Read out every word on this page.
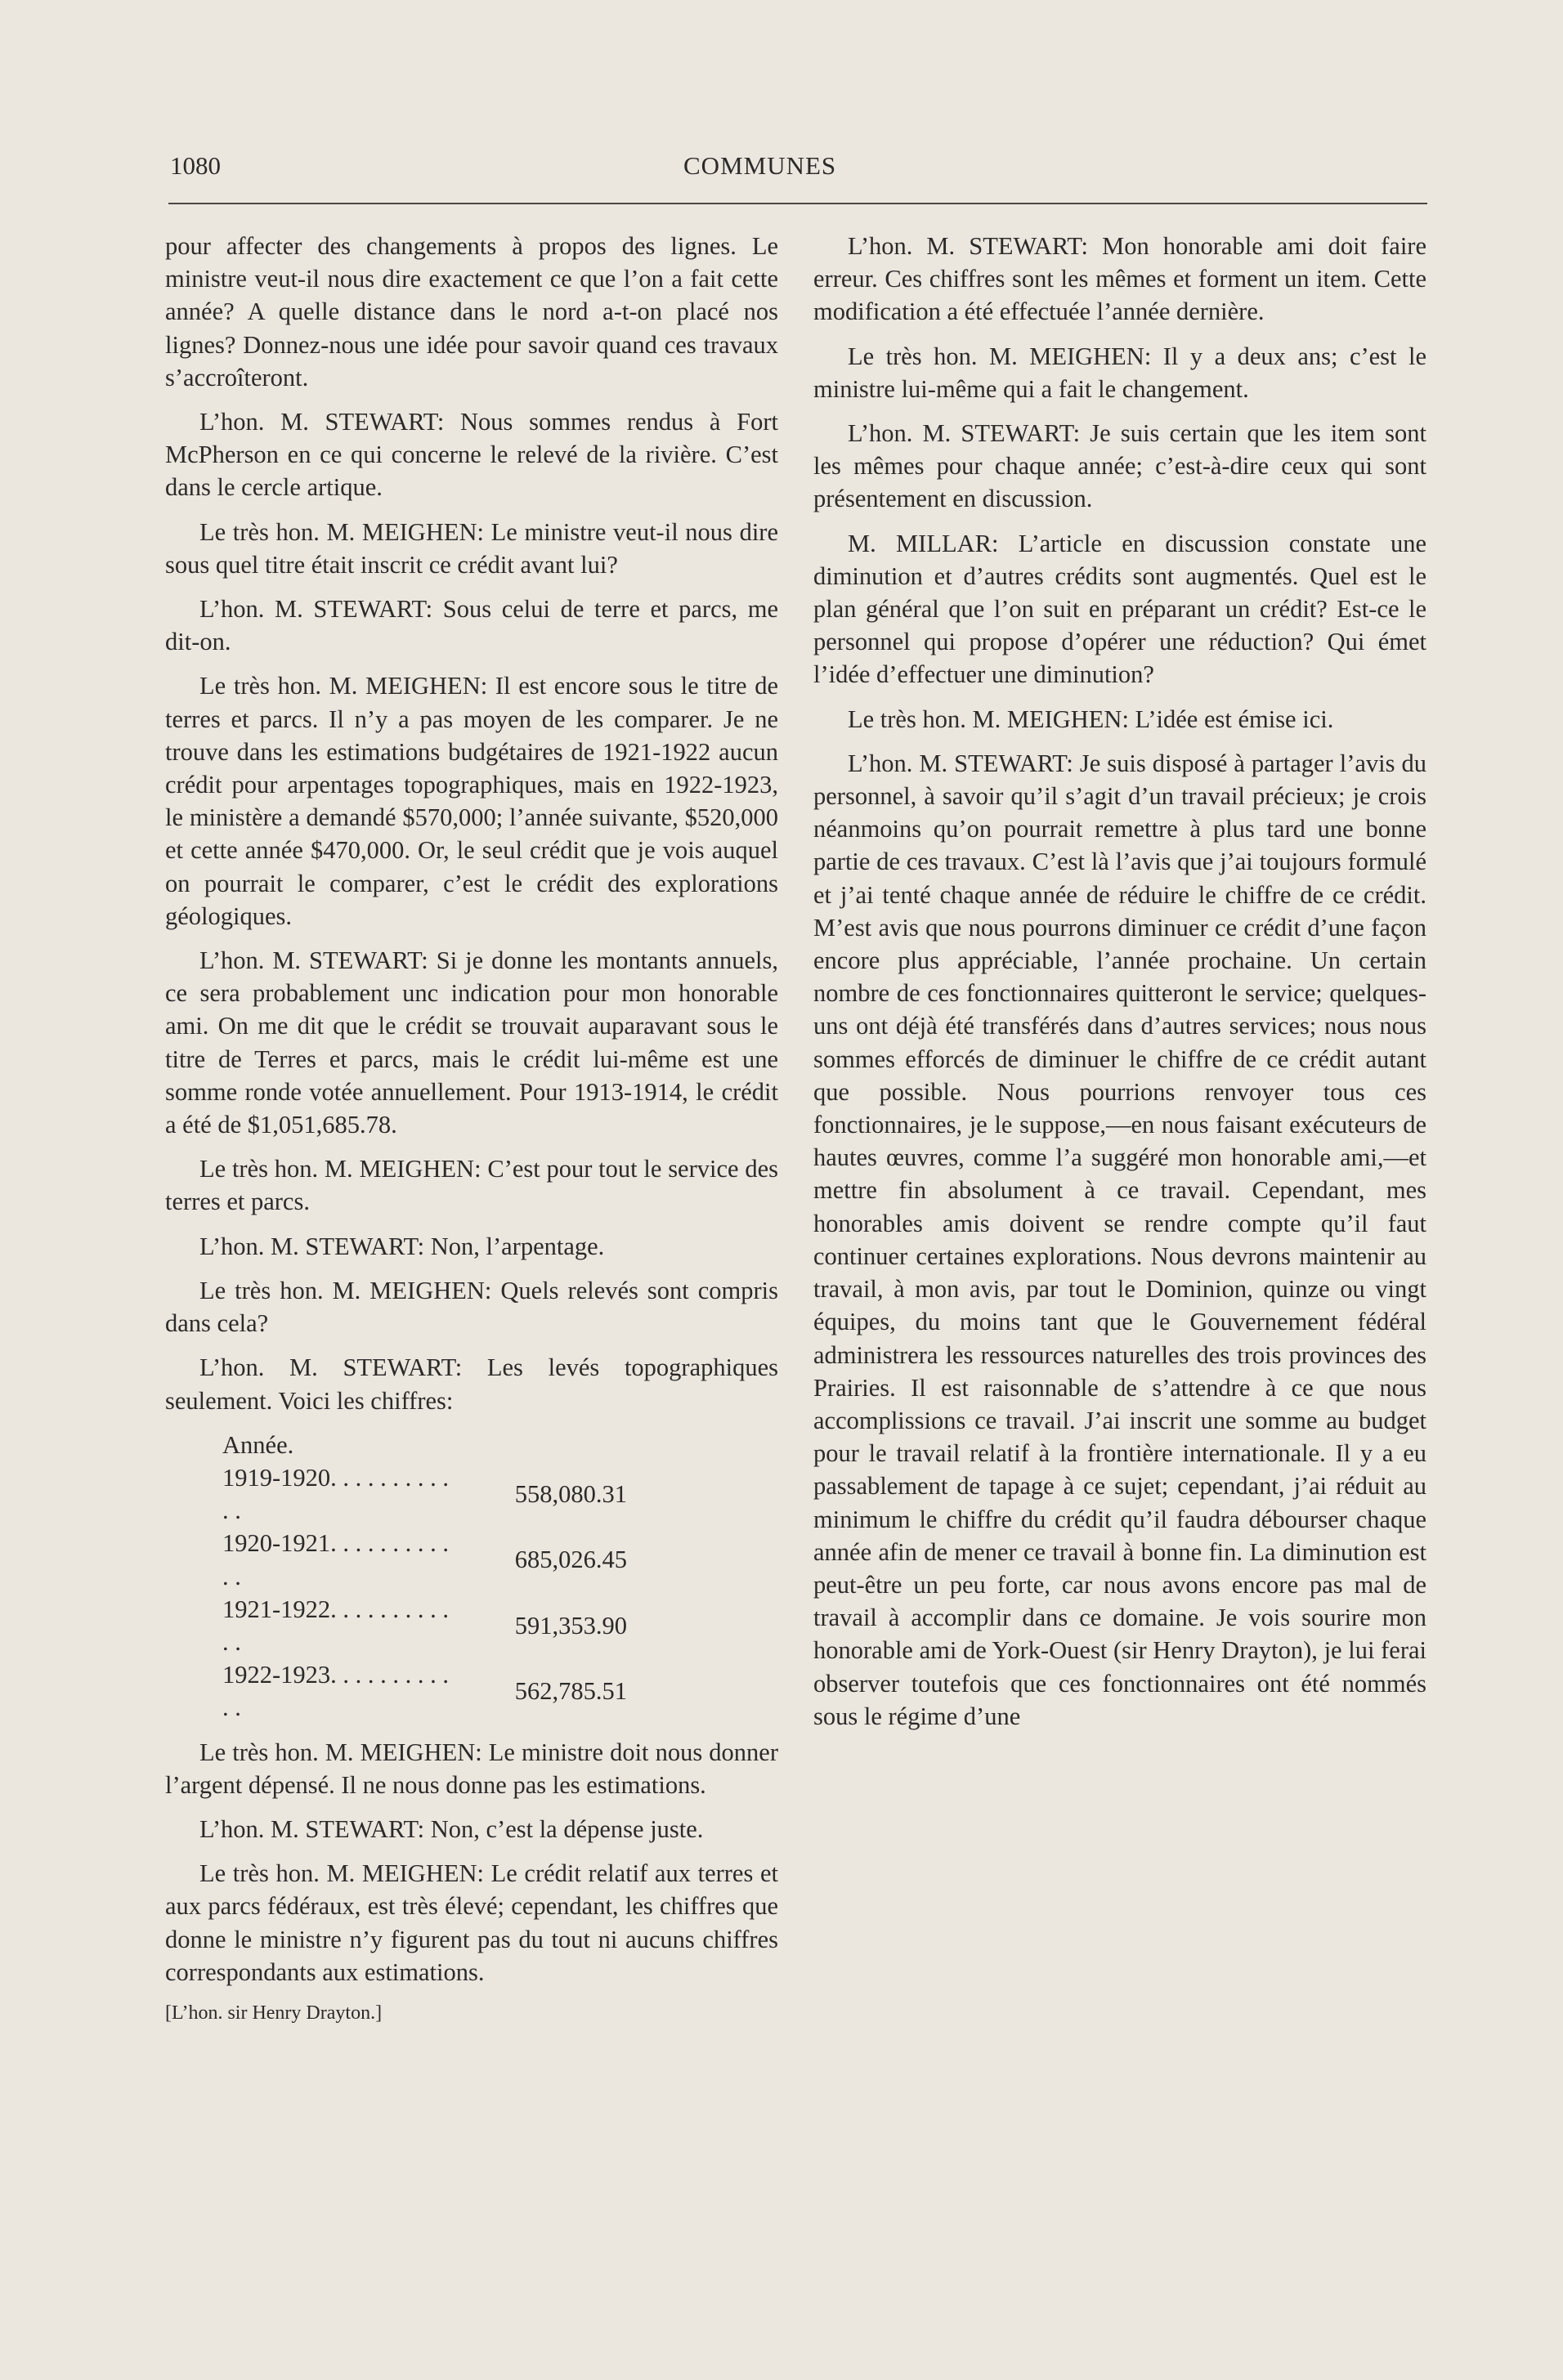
1080	COMMUNES

pour affecter des changements à propos des lignes. Le ministre veut-il nous dire exactement ce que l’on a fait cette année? A quelle distance dans le nord a-t-on placé nos lignes? Donnez-nous une idée pour savoir quand ces travaux s’accroîteront.

L’hon. M. STEWART: Nous sommes rendus à Fort McPherson en ce qui concerne le relevé de la rivière. C’est dans le cercle artique.

Le très hon. M. MEIGHEN: Le ministre veut-il nous dire sous quel titre était inscrit ce crédit avant lui?

L’hon. M. STEWART: Sous celui de terre et parcs, me dit-on.

Le très hon. M. MEIGHEN: Il est encore sous le titre de terres et parcs. Il n’y a pas moyen de les comparer. Je ne trouve dans les estimations budgétaires de 1921-1922 aucun crédit pour arpentages topographiques, mais en 1922-1923, le ministère a demandé $570,000; l’année suivante, $520,000 et cette année $470,000. Or, le seul crédit que je vois auquel on pourrait le comparer, c’est le crédit des explorations géologiques.

L’hon. M. STEWART: Si je donne les montants annuels, ce sera probablement unc indication pour mon honorable ami. On me dit que le crédit se trouvait auparavant sous le titre de Terres et parcs, mais le crédit lui-même est une somme ronde votée annuellement. Pour 1913-1914, le crédit a été de $1,051,685.78.

Le très hon. M. MEIGHEN: C’est pour tout le service des terres et parcs.

L’hon. M. STEWART: Non, l’arpentage.

Le très hon. M. MEIGHEN: Quels relevés sont compris dans cela?

L’hon. M. STEWART: Les levés topographiques seulement. Voici les chiffres:

Année.	
1919-1920. . . . . . . . . . . .	558,080.31
1920-1921. . . . . . . . . . . .	685,026.45
1921-1922. . . . . . . . . . . .	591,353.90
1922-1923. . . . . . . . . . . .	562,785.51

Le très hon. M. MEIGHEN: Le ministre doit nous donner l’argent dépensé. Il ne nous donne pas les estimations.

L’hon. M. STEWART: Non, c’est la dépense juste.

Le très hon. M. MEIGHEN: Le crédit relatif aux terres et aux parcs fédéraux, est très élevé; cependant, les chiffres que donne le ministre n’y figurent pas du tout ni aucuns chiffres correspondants aux estimations.

[L’hon. sir Henry Drayton.]

L’hon. M. STEWART: Mon honorable ami doit faire erreur. Ces chiffres sont les mêmes et forment un item. Cette modification a été effectuée l’année dernière.

Le très hon. M. MEIGHEN: Il y a deux ans; c’est le ministre lui-même qui a fait le changement.

L’hon. M. STEWART: Je suis certain que les item sont les mêmes pour chaque année; c’est-à-dire ceux qui sont présentement en discussion.

M. MILLAR: L’article en discussion constate une diminution et d’autres crédits sont augmentés. Quel est le plan général que l’on suit en préparant un crédit? Est-ce le personnel qui propose d’opérer une réduction? Qui émet l’idée d’effectuer une diminution?

Le très hon. M. MEIGHEN: L’idée est émise ici.

L’hon. M. STEWART: Je suis disposé à partager l’avis du personnel, à savoir qu’il s’agit d’un travail précieux; je crois néanmoins qu’on pourrait remettre à plus tard une bonne partie de ces travaux. C’est là l’avis que j’ai toujours formulé et j’ai tenté chaque année de réduire le chiffre de ce crédit. M’est avis que nous pourrons diminuer ce crédit d’une façon encore plus appréciable, l’année prochaine. Un certain nombre de ces fonctionnaires quitteront le service; quelques-uns ont déjà été transférés dans d’autres services; nous nous sommes efforcés de diminuer le chiffre de ce crédit autant que possible. Nous pourrions renvoyer tous ces fonctionnaires, je le suppose,—en nous faisant exécuteurs de hautes œuvres, comme l’a suggéré mon honorable ami,—et mettre fin absolument à ce travail. Cependant, mes honorables amis doivent se rendre compte qu’il faut continuer certaines explorations. Nous devrons maintenir au travail, à mon avis, par tout le Dominion, quinze ou vingt équipes, du moins tant que le Gouvernement fédéral administrera les ressources naturelles des trois provinces des Prairies. Il est raisonnable de s’attendre à ce que nous accomplissions ce travail. J’ai inscrit une somme au budget pour le travail relatif à la frontière internationale. Il y a eu passablement de tapage à ce sujet; cependant, j’ai réduit au minimum le chiffre du crédit qu’il faudra débourser chaque année afin de mener ce travail à bonne fin. La diminution est peut-être un peu forte, car nous avons encore pas mal de travail à accomplir dans ce domaine. Je vois sourire mon honorable ami de York-Ouest (sir Henry Drayton), je lui ferai observer toutefois que ces fonctionnaires ont été nommés sous le régime d’une
